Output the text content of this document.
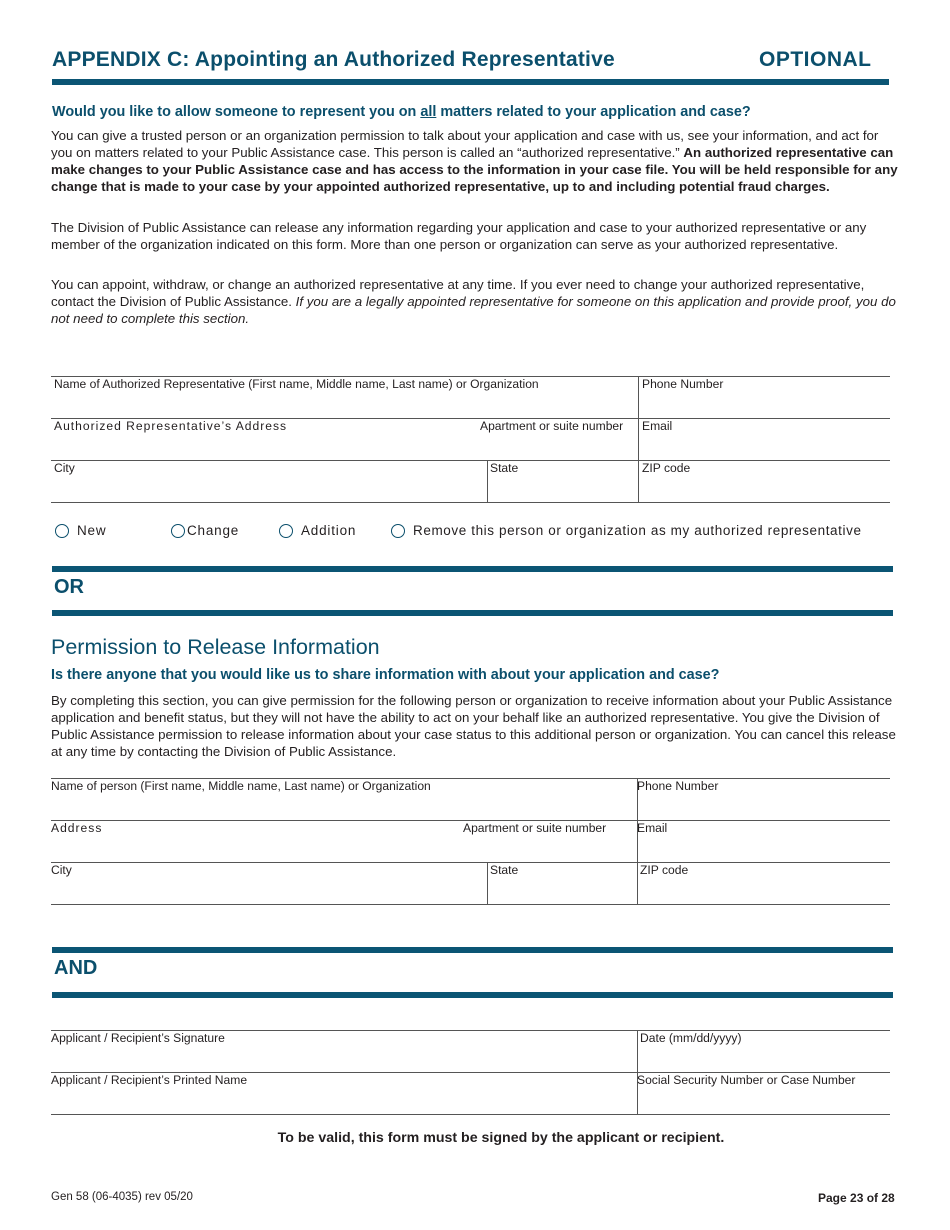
APPENDIX C: Appointing an Authorized Representative	OPTIONAL
Would you like to allow someone to represent you on all matters related to your application and case?

You can give a trusted person or an organization permission to talk about your application and case with us, see your information, and act for you on matters related to your Public Assistance case. This person is called an “authorized representative.” An authorized representative can make changes to your Public Assistance case and has access to the information in your case file. You will be held responsible for any change that is made to your case by your appointed authorized representative, up to and including potential fraud charges.

The Division of Public Assistance can release any information regarding your application and case to your authorized representative or any member of the organization indicated on this form. More than one person or organization can serve as your authorized representative.

You can appoint, withdraw, or change an authorized representative at any time. If you ever need to change your authorized representative, contact the Division of Public Assistance. If you are a legally appointed representative for someone on this application and provide proof, you do not need to complete this section.

Name of Authorized Representative (First name, Middle name, Last name) or Organization	Phone Number
Authorized Representative’s Address	Apartment or suite number Email
City	State	ZIP code
New	Change	Addition	Remove this person or organization as my authorized representative
OR
Permission to Release Information
Is there anyone that you would like us to share information with about your application and case?

By completing this section, you can give permission for the following person or organization to receive information about your Public Assistance application and benefit status, but they will not have the ability to act on your behalf like an authorized representative. You give the Division of Public Assistance permission to release information about your case status to this additional person or organization. You can cancel this release at any time by contacting the Division of Public Assistance.

Name of person (First name, Middle name, Last name) or Organization	Phone Number
Address	Apartment or suite number	Email
City	State	ZIP code
AND
Applicant / Recipient’s Signature	Date (mm/dd/yyyy)
Applicant / Recipient’s Printed Name	Social Security Number or Case Number
To be valid, this form must be signed by the applicant or recipient.
Gen 58 (06-4035) rev 05/20	Page 23 of 28
